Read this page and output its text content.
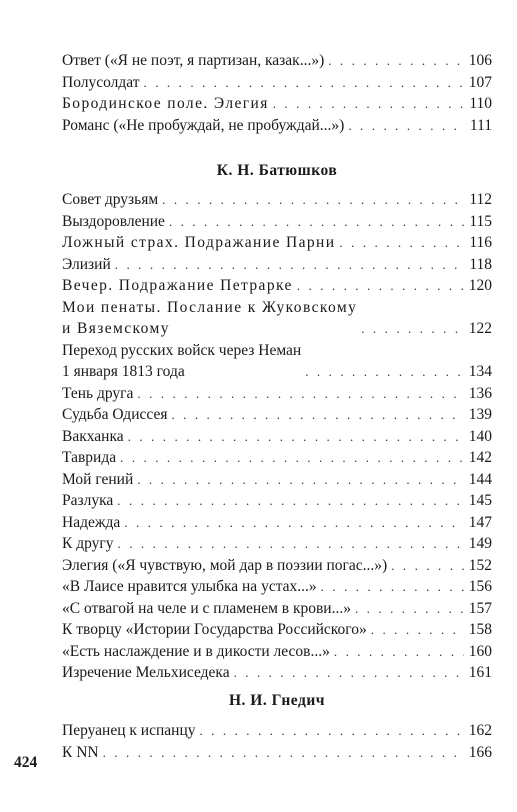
Ответ («Я не поэт, я партизан, казак...») . . .	106
Полусолдат . . .	107
Бородинское поле. Элегия . . .	110
Романс («Не пробуждай, не пробуждай...») . . .	111
К. Н. Батюшков
Совет друзьям . . .	112
Выздоровление . . .	115
Ложный страх. Подражание Парни . . .	116
Элизий . . .	118
Вечер. Подражание Петрарке . . .	120
Мои пенаты. Послание к Жуковскому
и Вяземскому . . .	122
Переход русских войск через Неман
1 января 1813 года . . .	134
Тень друга . . .	136
Судьба Одиссея . . .	139
Вакханка . . .	140
Таврида . . .	142
Мой гений . . .	144
Разлука . . .	145
Надежда . . .	147
К другу . . .	149
Элегия («Я чувствую, мой дар в поэзии погас...») . . .	152
«В Лаисе нравится улыбка на устах...» . . .	156
«С отвагой на челе и с пламенем в крови...» . . .	157
К творцу «Истории Государства Российского» . . .	158
«Есть наслаждение и в дикости лесов...» . . .	160
Изречение Мельхиседека . . .	161
Н. И. Гнедич
Перуанец к испанцу . . .	162
К NN . . .	166
424
